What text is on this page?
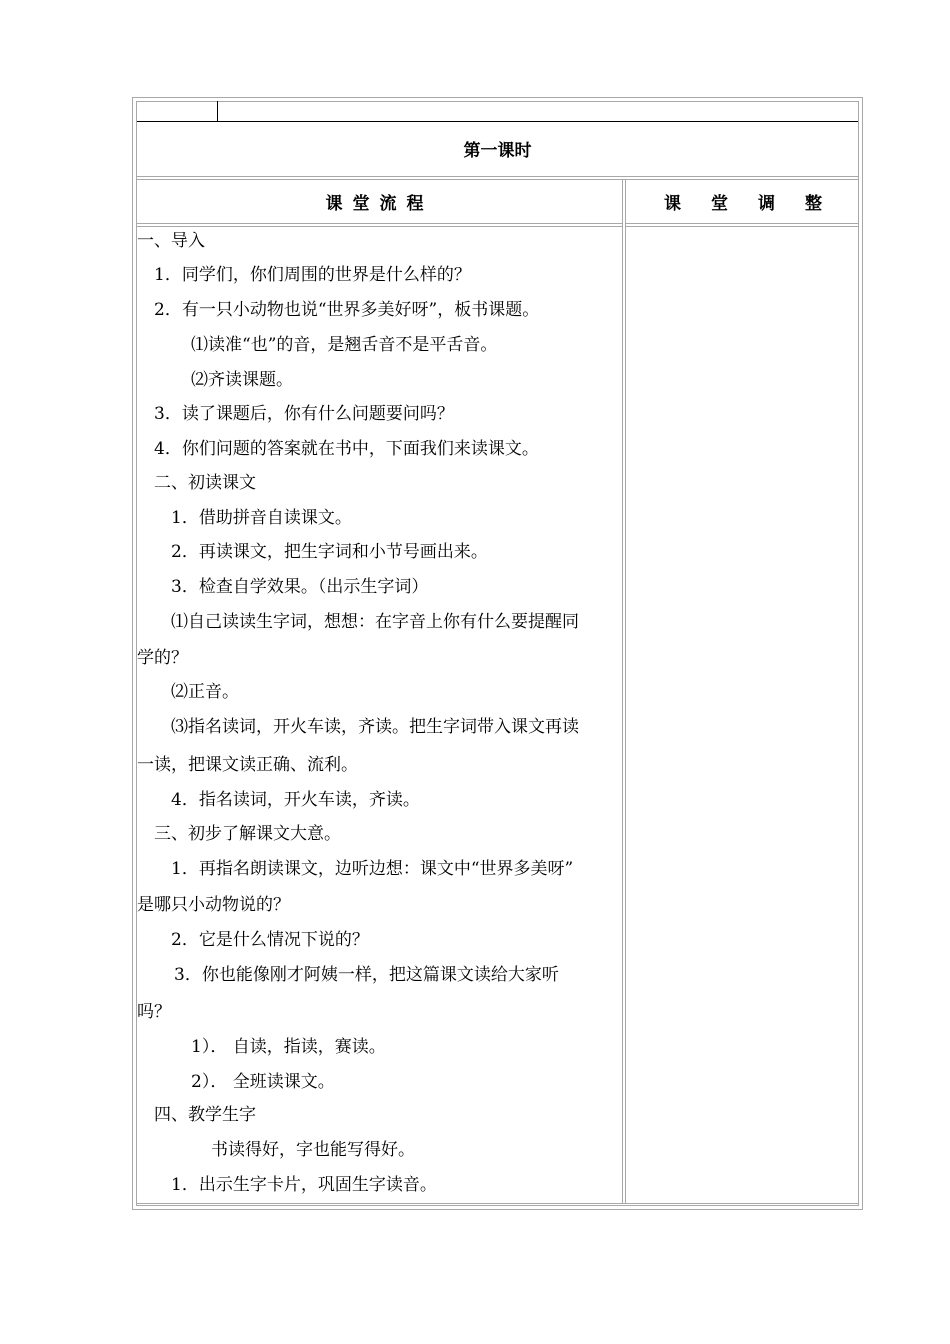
第一课时
课堂流程	课 堂 调 整
一、导入
1．同学们，你们周围的世界是什么样的？
2．有一只小动物也说“世界多美好呀”，板书课题。
⑴读准“也”的音，是翘舌音不是平舌音。
⑵齐读课题。
3．读了课题后，你有什么问题要问吗？
4．你们问题的答案就在书中，下面我们来读课文。
二、初读课文
1．借助拼音自读课文。
2．再读课文，把生字词和小节号画出来。
3．检查自学效果。（出示生字词）
⑴自己读读生字词，想想：在字音上你有什么要提醒同
学的？
⑵正音。
⑶指名读词，开火车读，齐读。把生字词带入课文再读
一读，把课文读正确、流利。
4．指名读词，开火车读，齐读。
三、初步了解课文大意。
1．再指名朗读课文，边听边想：课文中“世界多美呀”
是哪只小动物说的？
2．它是什么情况下说的？
3．你也能像刚才阿姨一样，把这篇课文读给大家听
吗？
1）． 自读，指读，赛读。
2）． 全班读课文。
四、教学生字
书读得好，字也能写得好。
1．出示生字卡片，巩固生字读音。
